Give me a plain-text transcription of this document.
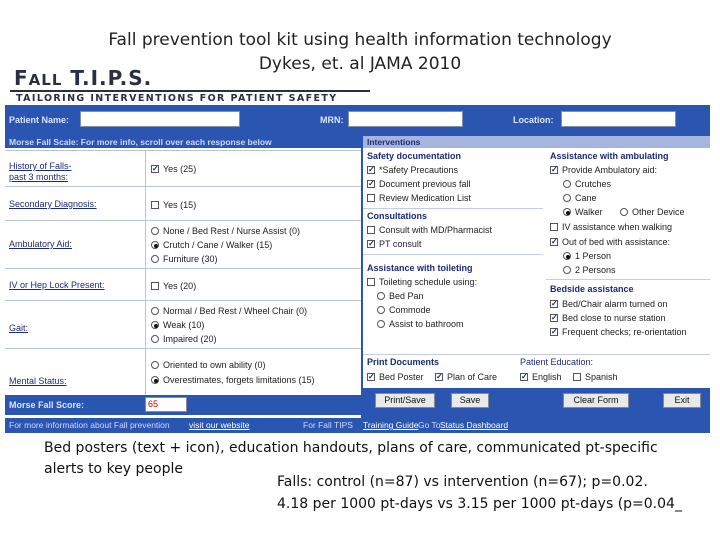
Fall prevention tool kit using health information technology
Dykes, et. al JAMA 2010
FALL T.I.P.S.
TAILORING INTERVENTIONS FOR PATIENT SAFETY
Patient Name:	MRN:	Location:
Morse Fall Scale: For more info, scroll over each response below
History of Falls-
past 3 months:
✓Yes (25)
Secondary Diagnosis:	Yes (15)
Ambulatory Aid:
None / Bed Rest / Nurse Assist (0)
Crutch / Cane / Walker (15)
Furniture (30)
IV or Hep Lock Present:	Yes (20)
Gait:
Normal / Bed Rest / Wheel Chair (0)
Weak (10)
Impaired (20)
Mental Status:
Oriented to own ability (0)
Overestimates, forgets limitations (15)
Morse Fall Score:	65
Interventions
Safety documentation
✓*Safety Precautions
✓Document previous fall
Review Medication List
Consultations
Consult with MD/Pharmacist
✓PT consult
Assistance with toileting
Toileting schedule using:
Bed Pan
Commode
Assist to bathroom
Assistance with ambulating
✓Provide Ambulatory aid:
Crutches
Cane
Walker	Other Device
IV assistance when walking
✓Out of bed with assistance:
1 Person
2 Persons
Bedside assistance
✓Bed/Chair alarm turned on
✓Bed close to nurse station
✓Frequent checks; re-orientation
Print Documents
✓Bed Poster
✓	Plan of Care
Patient Education:
✓English	Spanish
Print/Save	Save	Clear Form	Exit
For more information about Fall prevention visit our website	For Fall TIPS Training Guide Go To Status Dashboard
Bed posters (text + icon), education handouts, plans of care, communicated pt-specific alerts to key people
Falls: control (n=87) vs intervention (n=67); p=0.02.
4.18 per 1000 pt-days vs 3.15 per 1000 pt-days (p=0.04_
